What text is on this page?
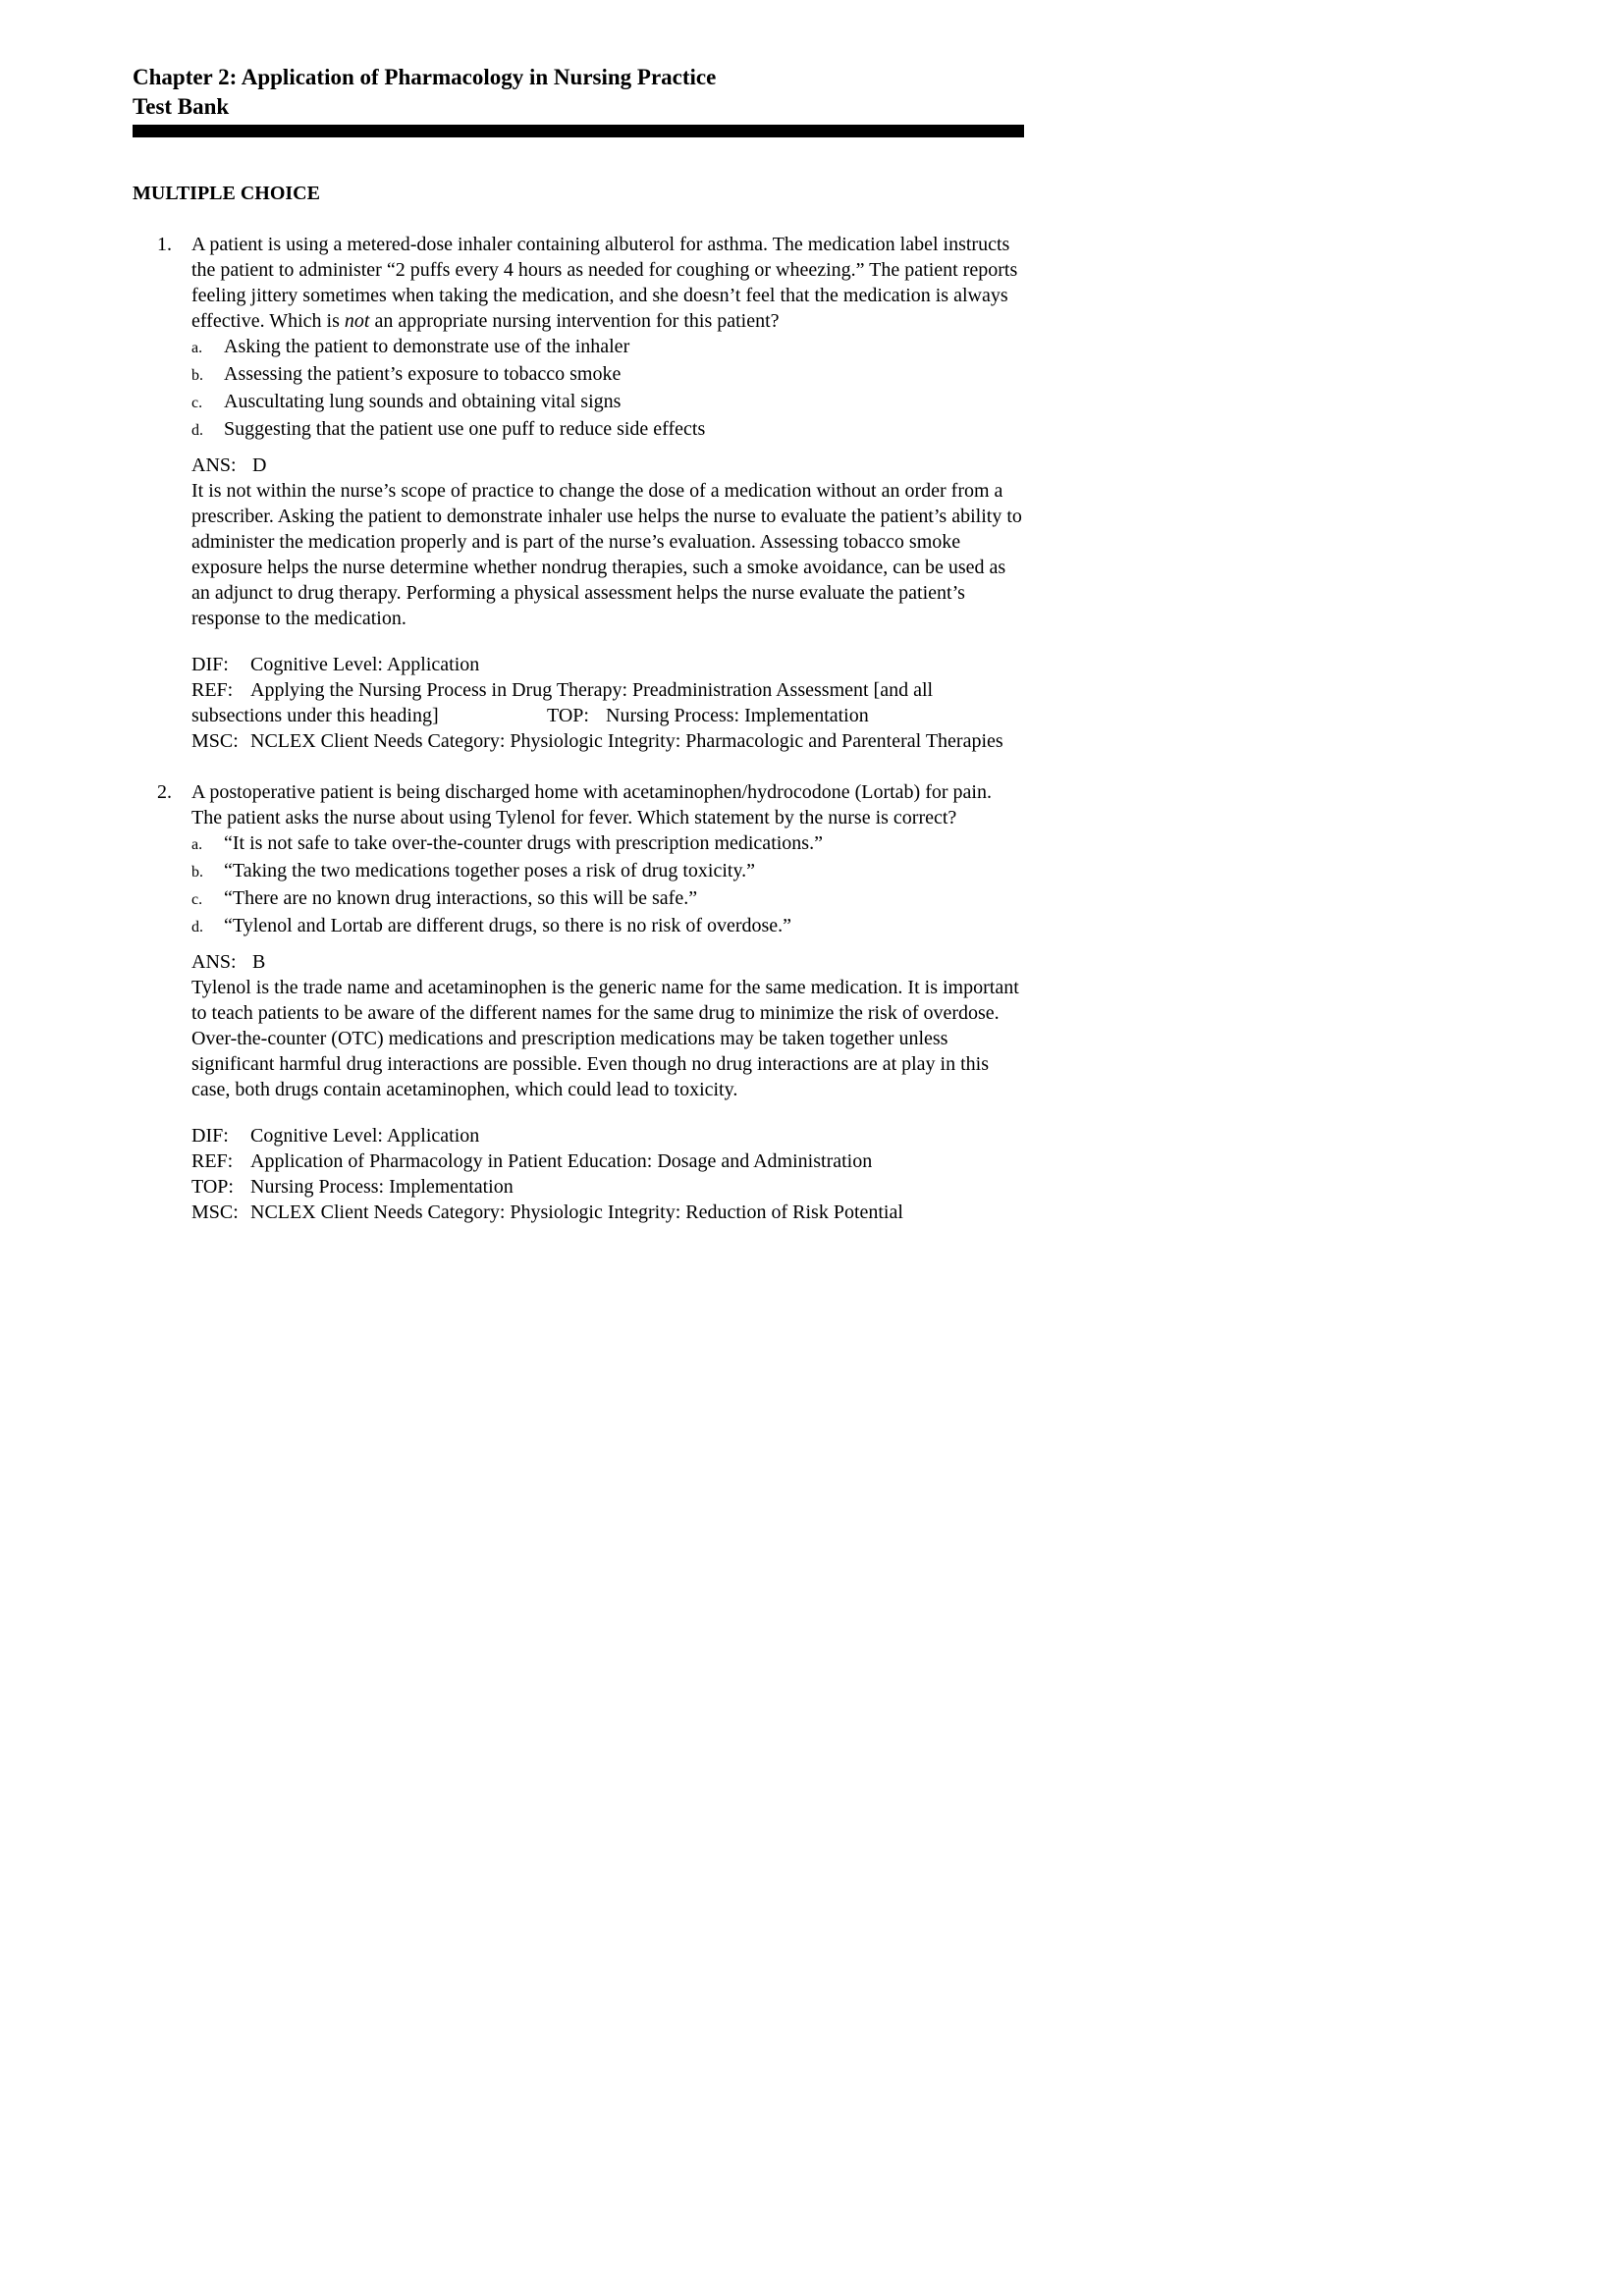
Chapter 2: Application of Pharmacology in Nursing Practice
Test Bank
MULTIPLE CHOICE
1.	A patient is using a metered-dose inhaler containing albuterol for asthma. The medication label instructs the patient to administer “2 puffs every 4 hours as needed for coughing or wheezing.” The patient reports feeling jittery sometimes when taking the medication, and she doesn’t feel that the medication is always effective. Which is not an appropriate nursing intervention for this patient?

a.	Asking the patient to demonstrate use of the inhaler
b.	Assessing the patient’s exposure to tobacco smoke
c.	Auscultating lung sounds and obtaining vital signs
d.	Suggesting that the patient use one puff to reduce side effects
ANS: D

It is not within the nurse’s scope of practice to change the dose of a medication without an order from a prescriber. Asking the patient to demonstrate inhaler use helps the nurse to evaluate the patient’s ability to administer the medication properly and is part of the nurse’s evaluation. Assessing tobacco smoke exposure helps the nurse determine whether nondrug therapies, such a smoke avoidance, can be used as an adjunct to drug therapy. Performing a physical assessment helps the nurse evaluate the patient’s response to the medication.

DIF: Cognitive Level: Application
REF: Applying the Nursing Process in Drug Therapy: Preadministration Assessment [and all
subsections under this heading]	TOP: Nursing Process: Implementation
MSC: NCLEX Client Needs Category: Physiologic Integrity: Pharmacologic and Parenteral Therapies
2.	A postoperative patient is being discharged home with acetaminophen/hydrocodone (Lortab) for pain. The patient asks the nurse about using Tylenol for fever. Which statement by the nurse is correct?

a.	“It is not safe to take over-the-counter drugs with prescription medications.”
b.	“Taking the two medications together poses a risk of drug toxicity.”
c.	“There are no known drug interactions, so this will be safe.”
d.	“Tylenol and Lortab are different drugs, so there is no risk of overdose.”
ANS: B

Tylenol is the trade name and acetaminophen is the generic name for the same medication. It is important to teach patients to be aware of the different names for the same drug to minimize the risk of overdose. Over-the-counter (OTC) medications and prescription medications may be taken together unless significant harmful drug interactions are possible. Even though no drug interactions are at play in this case, both drugs contain acetaminophen, which could lead to toxicity.

DIF: Cognitive Level: Application
REF: Application of Pharmacology in Patient Education: Dosage and Administration
TOP: Nursing Process: Implementation
MSC: NCLEX Client Needs Category: Physiologic Integrity: Reduction of Risk Potential
